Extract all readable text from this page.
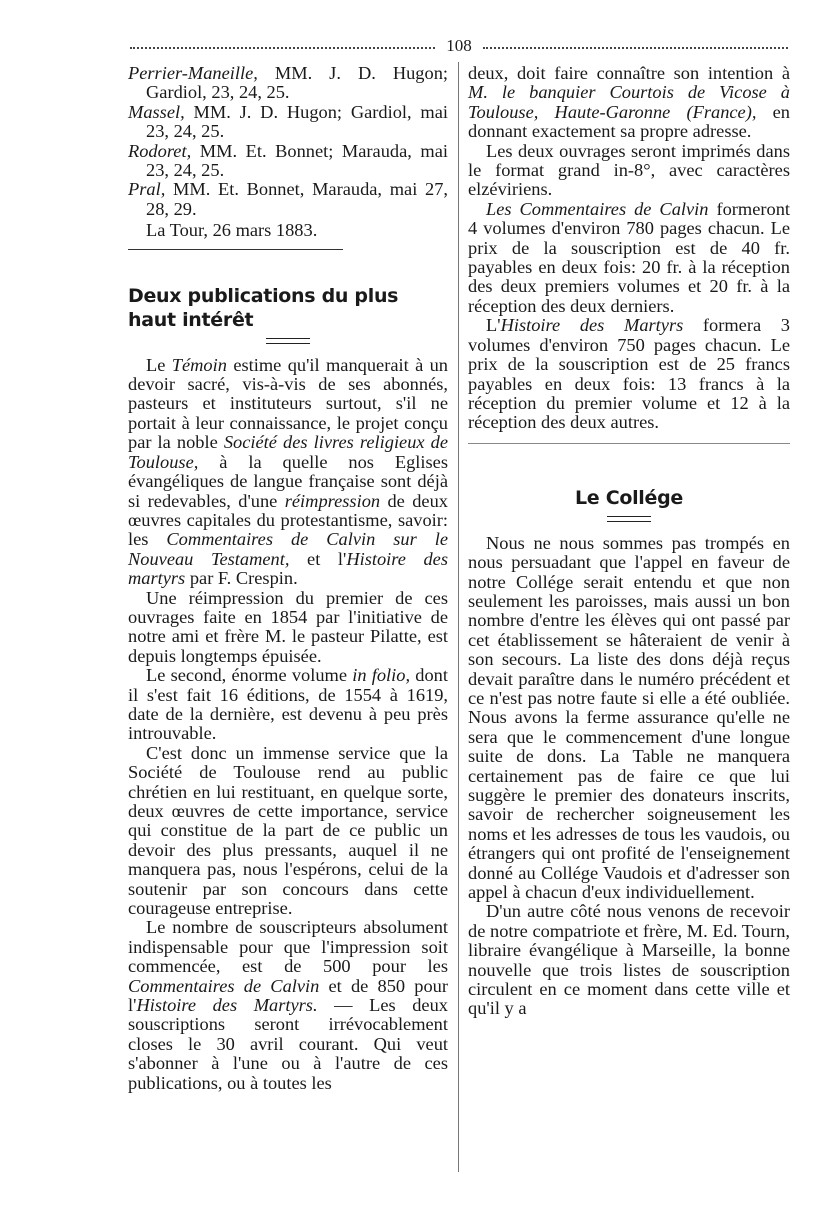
108

Perrier-Maneille, MM. J. D. Hugon; Gardiol, 23, 24, 25.

Massel, MM. J. D. Hugon; Gardiol, mai 23, 24, 25.

Rodoret, MM. Et. Bonnet; Marauda, mai 23, 24, 25.

Pral, MM. Et. Bonnet, Marauda, mai 27, 28, 29.

La Tour, 26 mars 1883.

Deux publications du plus haut intérêt

Le Témoin estime qu'il manquerait à un devoir sacré, vis-à-vis de ses abonnés, pasteurs et instituteurs surtout, s'il ne portait à leur connaissance, le projet conçu par la noble Société des livres religieux de Toulouse, à la quelle nos Eglises évangéliques de langue française sont déjà si redevables, d'une réimpression de deux œuvres capitales du protestantisme, savoir: les Commentaires de Calvin sur le Nouveau Testament, et l'Histoire des martyrs par F. Crespin.

Une réimpression du premier de ces ouvrages faite en 1854 par l'initiative de notre ami et frère M. le pasteur Pilatte, est depuis longtemps épuisée.

Le second, énorme volume in folio, dont il s'est fait 16 éditions, de 1554 à 1619, date de la dernière, est devenu à peu près introuvable.

C'est donc un immense service que la Société de Toulouse rend au public chrétien en lui restituant, en quelque sorte, deux œuvres de cette importance, service qui constitue de la part de ce public un devoir des plus pressants, auquel il ne manquera pas, nous l'espérons, celui de la soutenir par son concours dans cette courageuse entreprise.

Le nombre de souscripteurs absolument indispensable pour que l'impression soit commencée, est de 500 pour les Commentaires de Calvin et de 850 pour l'Histoire des Martyrs. — Les deux souscriptions seront irrévocablement closes le 30 avril courant. Qui veut s'abonner à l'une ou à l'autre de ces publications, ou à toutes les

deux, doit faire connaître son intention à M. le banquier Courtois de Vicose à Toulouse, Haute-Garonne (France), en donnant exactement sa propre adresse.

Les deux ouvrages seront imprimés dans le format grand in-8°, avec caractères elzéviriens.

Les Commentaires de Calvin formeront 4 volumes d'environ 780 pages chacun. Le prix de la souscription est de 40 fr. payables en deux fois: 20 fr. à la réception des deux premiers volumes et 20 fr. à la réception des deux derniers.

L'Histoire des Martyrs formera 3 volumes d'environ 750 pages chacun. Le prix de la souscription est de 25 francs payables en deux fois: 13 francs à la réception du premier volume et 12 à la réception des deux autres.

Le Collége

Nous ne nous sommes pas trompés en nous persuadant que l'appel en faveur de notre Collége serait entendu et que non seulement les paroisses, mais aussi un bon nombre d'entre les élèves qui ont passé par cet établissement se hâteraient de venir à son secours. La liste des dons déjà reçus devait paraître dans le numéro précédent et ce n'est pas notre faute si elle a été oubliée. Nous avons la ferme assurance qu'elle ne sera que le commencement d'une longue suite de dons. La Table ne manquera certainement pas de faire ce que lui suggère le premier des donateurs inscrits, savoir de rechercher soigneusement les noms et les adresses de tous les vaudois, ou étrangers qui ont profité de l'enseignement donné au Collége Vaudois et d'adresser son appel à chacun d'eux individuellement.

D'un autre côté nous venons de recevoir de notre compatriote et frère, M. Ed. Tourn, libraire évangélique à Marseille, la bonne nouvelle que trois listes de souscription circulent en ce moment dans cette ville et qu'il y a
